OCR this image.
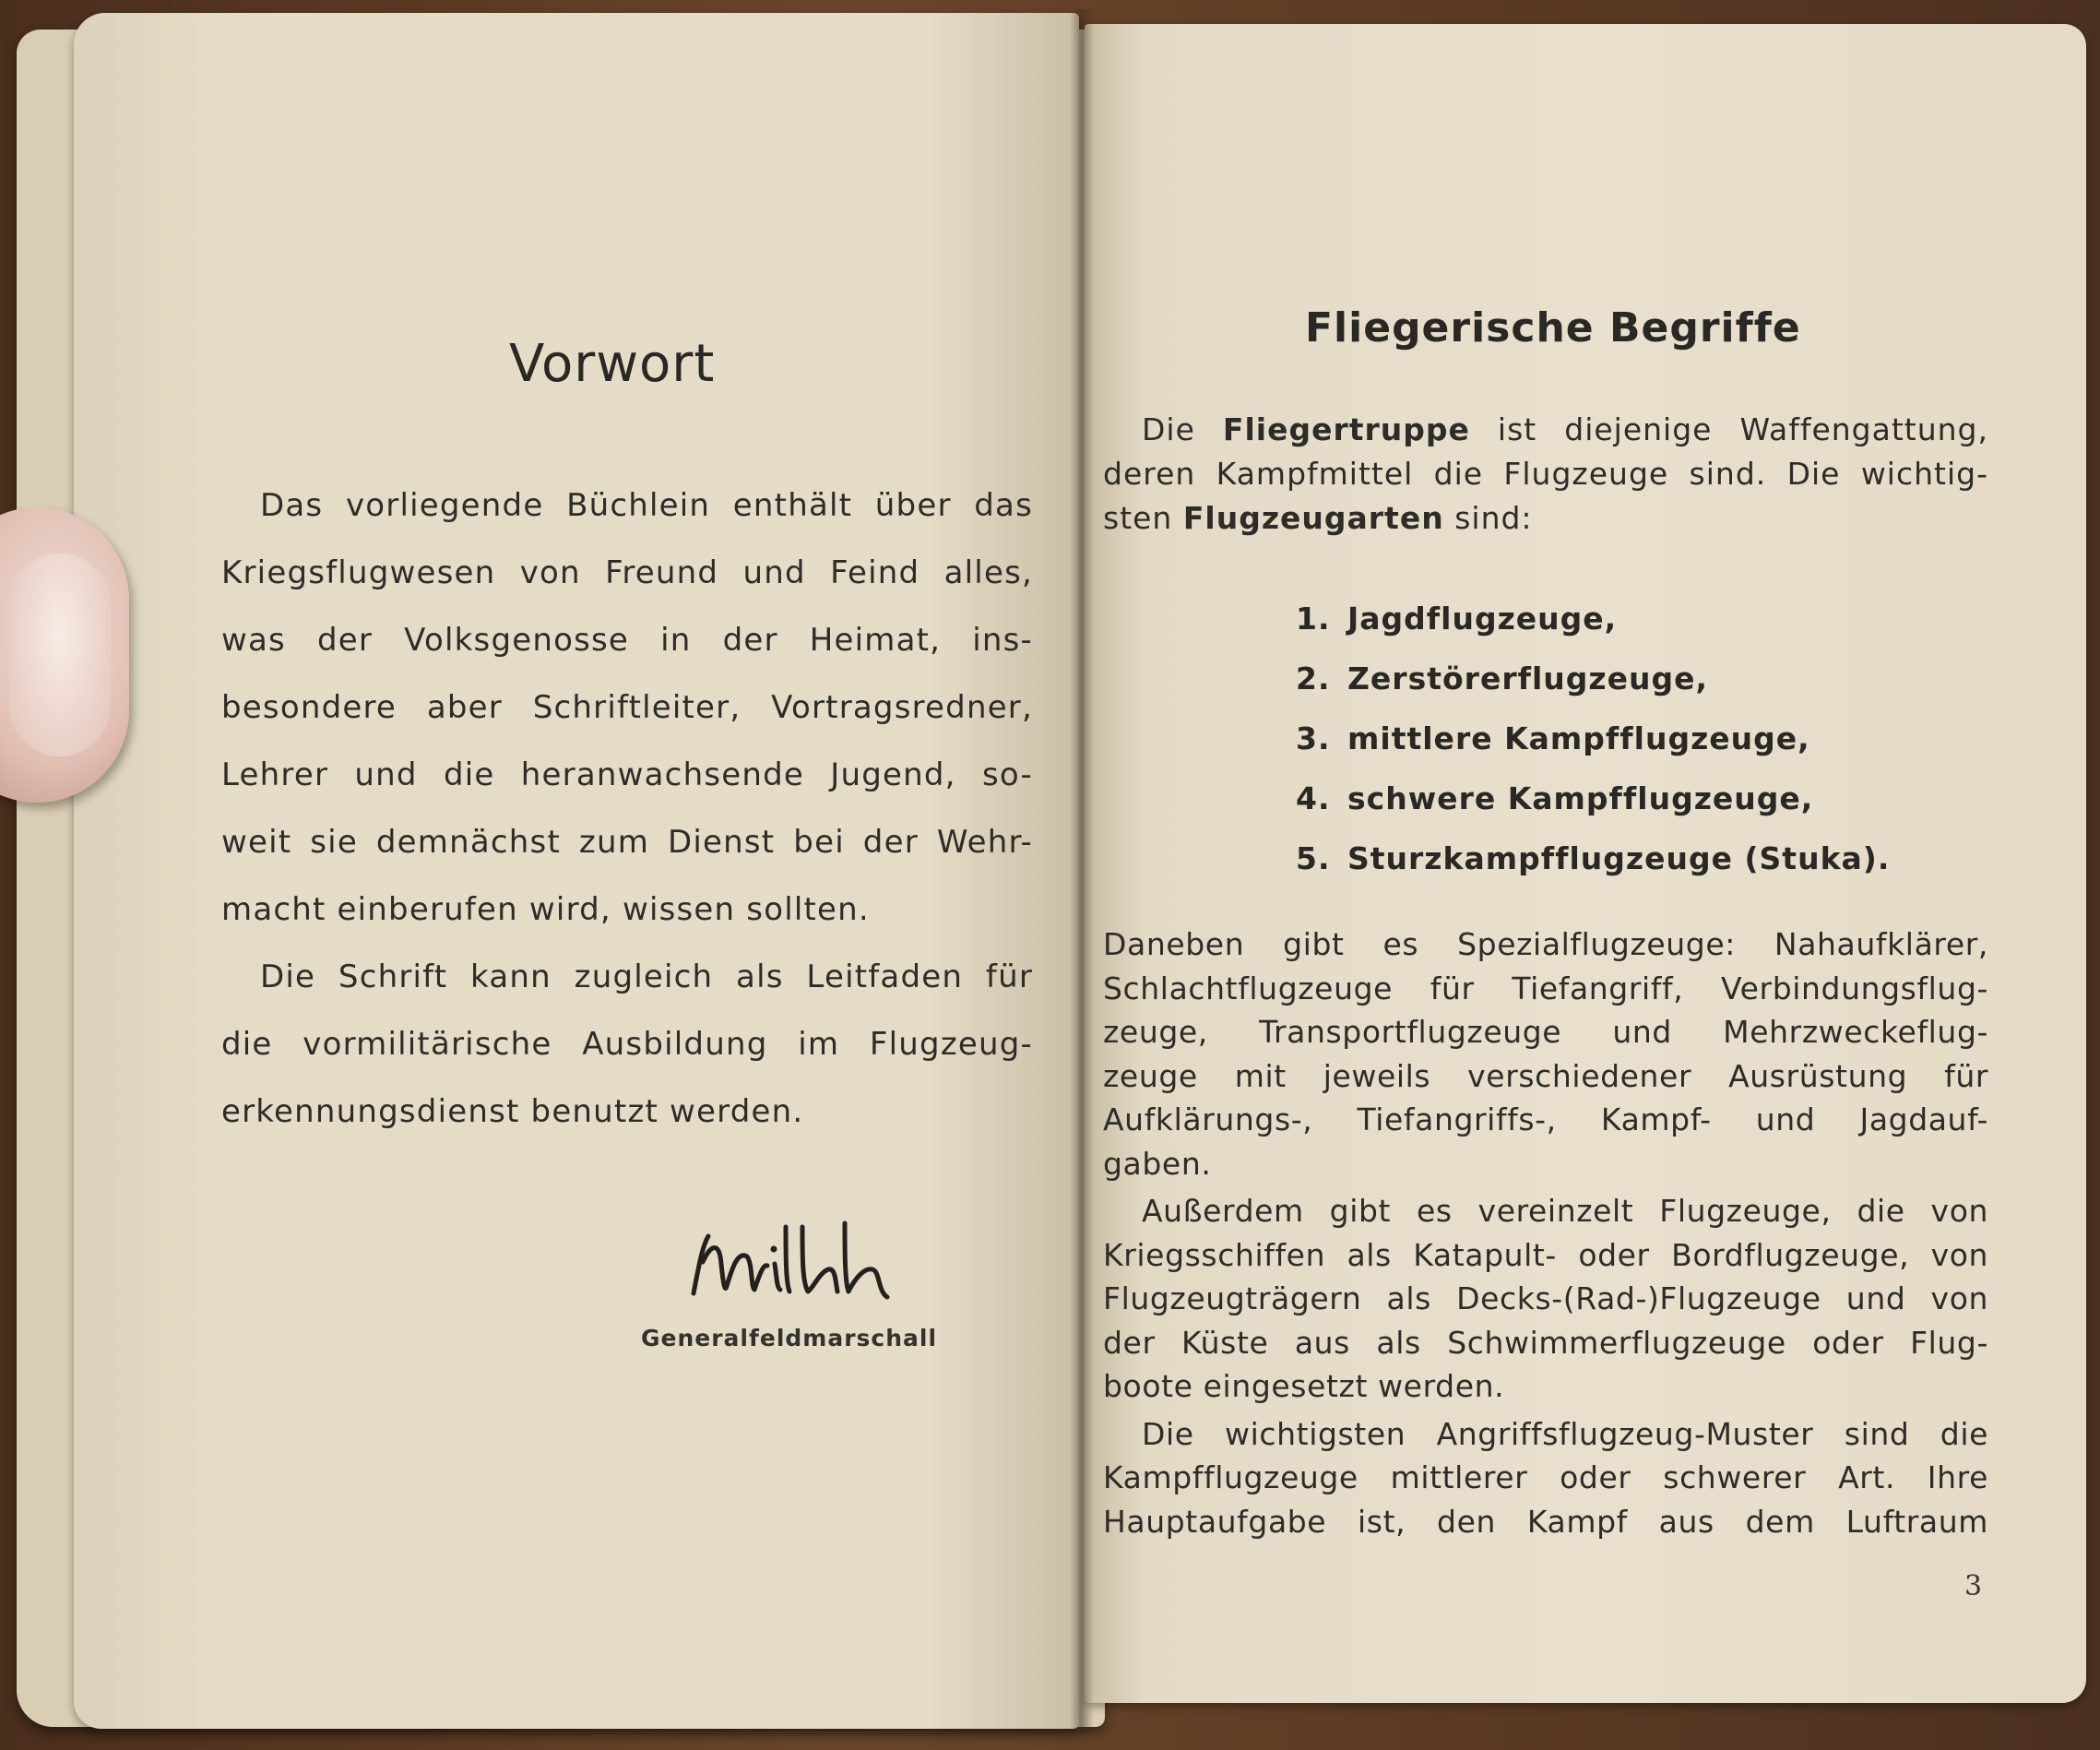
Vorwort
Das vorliegende Büchlein enthält über das
Kriegsflugwesen von Freund und Feind alles,
was der Volksgenosse in der Heimat, ins-
besondere aber Schriftleiter, Vortragsredner,
Lehrer und die heranwachsende Jugend, so-
weit sie demnächst zum Dienst bei der Wehr-
macht einberufen wird, wissen sollten.
Die Schrift kann zugleich als Leitfaden für
die vormilitärische Ausbildung im Flugzeug-
erkennungsdienst benutzt werden.
Generalfeldmarschall
Fliegerische Begriffe
Die Fliegertruppe ist diejenige Waffengattung,
deren Kampfmittel die Flugzeuge sind. Die wichtig-
sten Flugzeugarten sind:
1. Jagdflugzeuge,
2. Zerstörerflugzeuge,
3. mittlere Kampfflugzeuge,
4. schwere Kampfflugzeuge,
5. Sturzkampfflugzeuge (Stuka).
Daneben gibt es Spezialflugzeuge: Nahaufklärer,
Schlachtflugzeuge für Tiefangriff, Verbindungsflug-
zeuge, Transportflugzeuge und Mehrzweckeflug-
zeuge mit jeweils verschiedener Ausrüstung für
Aufklärungs-, Tiefangriffs-, Kampf- und Jagdauf-
gaben.
Außerdem gibt es vereinzelt Flugzeuge, die von
Kriegsschiffen als Katapult- oder Bordflugzeuge, von
Flugzeugträgern als Decks-(Rad-)Flugzeuge und von
der Küste aus als Schwimmerflugzeuge oder Flug-
boote eingesetzt werden.
Die wichtigsten Angriffsflugzeug-Muster sind die
Kampfflugzeuge mittlerer oder schwerer Art. Ihre
Hauptaufgabe ist, den Kampf aus dem Luftraum
3
